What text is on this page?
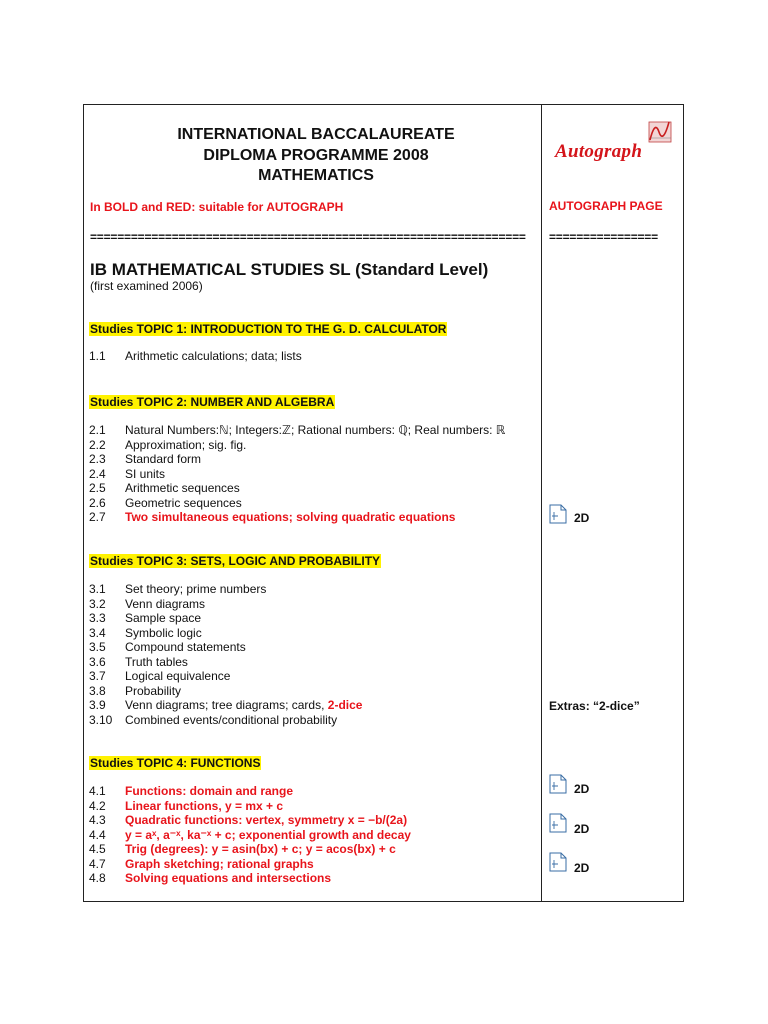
INTERNATIONAL BACCALAUREATE
DIPLOMA PROGRAMME 2008
MATHEMATICS
In BOLD and RED: suitable for AUTOGRAPH
================================================================
Autograph
AUTOGRAPH PAGE
================
IB MATHEMATICAL STUDIES SL (Standard Level)
(first examined 2006)
Studies TOPIC 1: INTRODUCTION TO THE G. D. CALCULATOR
1.1 Arithmetic calculations; data; lists
Studies TOPIC 2: NUMBER AND ALGEBRA
2.1 Natural Numbers:ℕ; Integers:ℤ; Rational numbers: ℚ; Real numbers: ℝ
2.2 Approximation; sig. fig.
2.3 Standard form
2.4 SI units
2.5 Arithmetic sequences
2.6 Geometric sequences
2.7 Two simultaneous equations; solving quadratic equations
Studies TOPIC 3: SETS, LOGIC AND PROBABILITY
3.1 Set theory; prime numbers
3.2 Venn diagrams
3.3 Sample space
3.4 Symbolic logic
3.5 Compound statements
3.6 Truth tables
3.7 Logical equivalence
3.8 Probability
3.9 Venn diagrams; tree diagrams; cards, 2-dice
3.10 Combined events/conditional probability
Studies TOPIC 4: FUNCTIONS
4.1 Functions: domain and range
4.2 Linear functions, y = mx + c
4.3 Quadratic functions: vertex, symmetry x = −b/(2a)
4.4 y = aˣ, a⁻ˣ, ka⁻ˣ + c; exponential growth and decay
4.5 Trig (degrees): y = asin(bx) + c; y = acos(bx) + c
4.7 Graph sketching; rational graphs
4.8 Solving equations and intersections
2D
Extras: “2-dice”
2D
2D
2D
